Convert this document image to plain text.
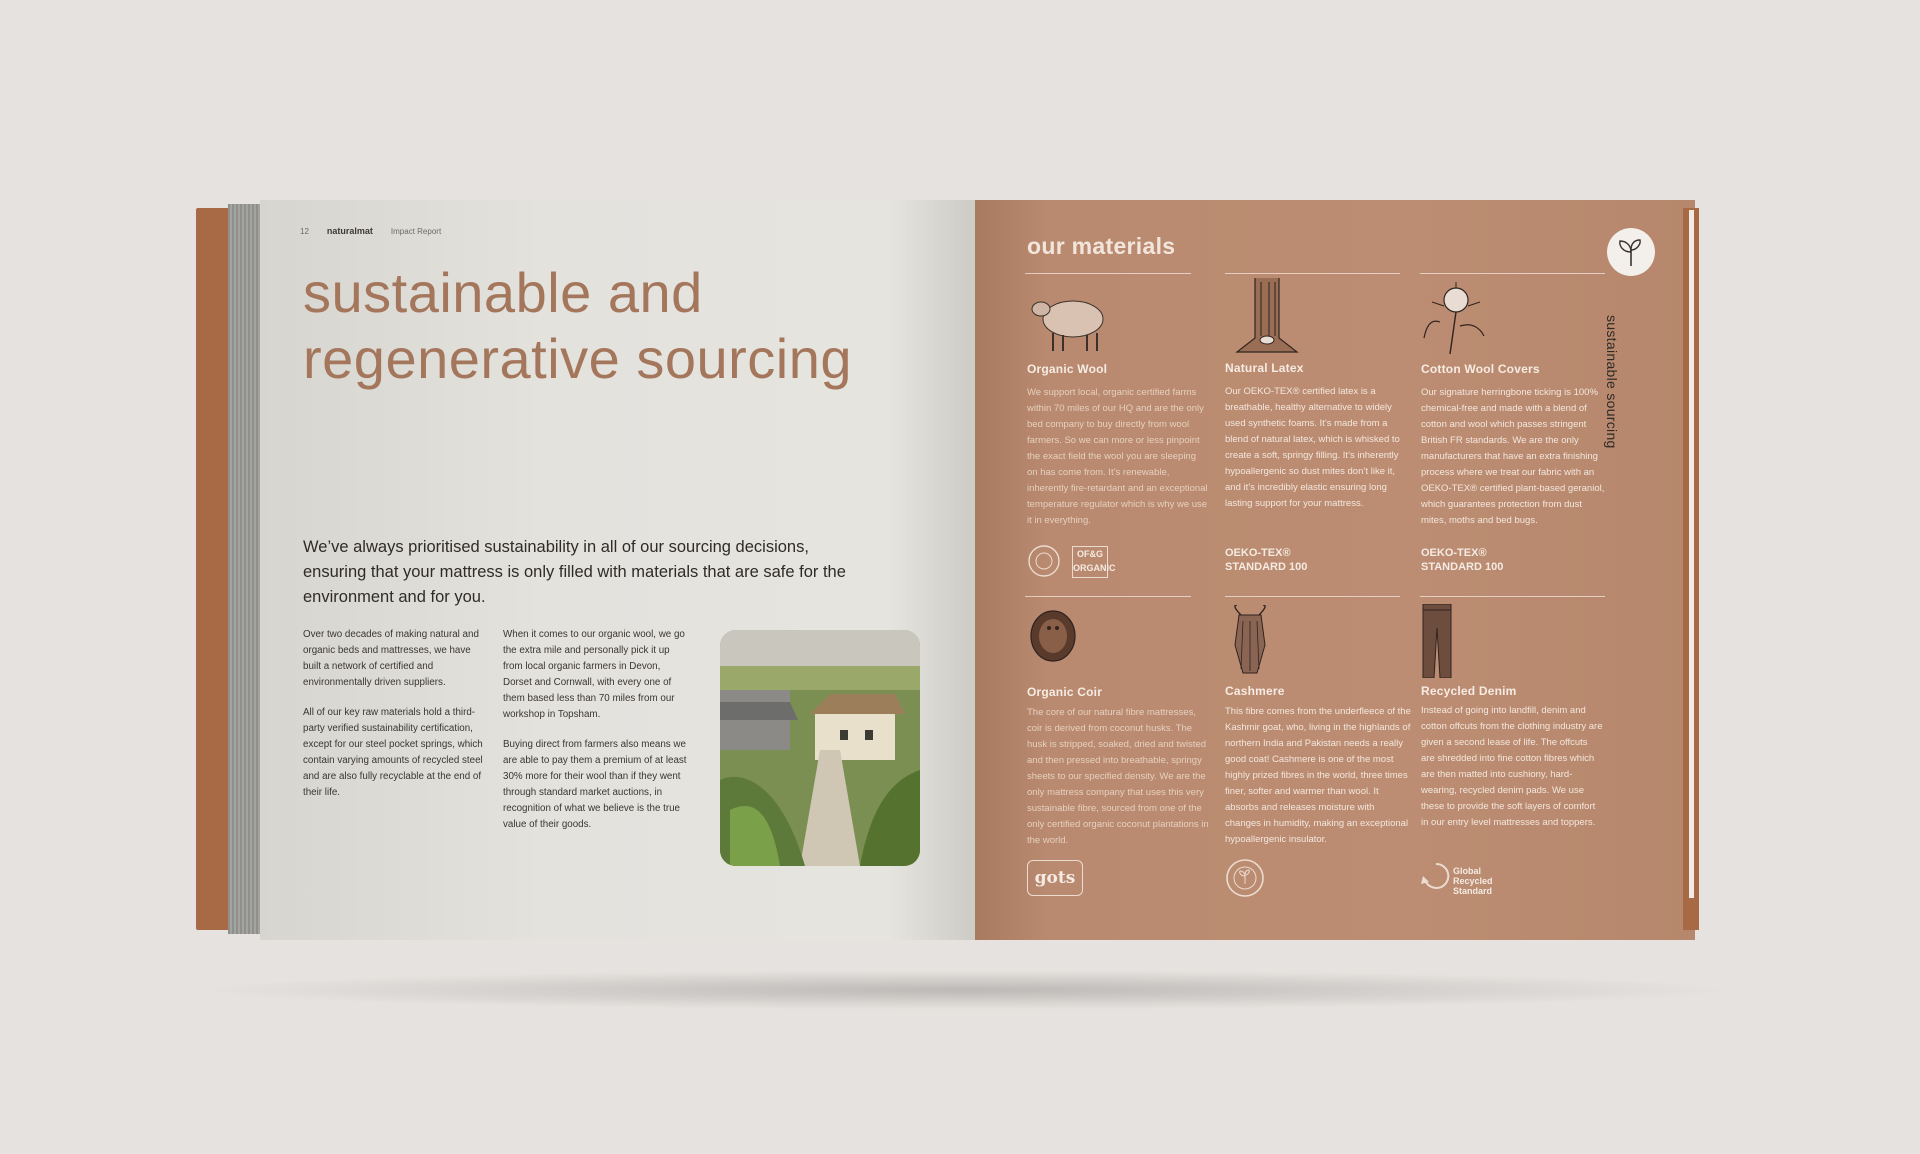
12 naturalmat Impact Report
sustainable and
regenerative sourcing
We’ve always prioritised sustainability in all of our sourcing decisions, ensuring that your mattress is only filled with materials that are safe for the environment and for you.

Over two decades of making natural and organic beds and mattresses, we have built a network of certified and environmentally driven suppliers.

All of our key raw materials hold a third-party verified sustainability certification, except for our steel pocket springs, which contain varying amounts of recycled steel and are also fully recyclable at the end of their life.

When it comes to our organic wool, we go the extra mile and personally pick it up from local organic farmers in Devon, Dorset and Cornwall, with every one of them based less than 70 miles from our workshop in Topsham.

Buying direct from farmers also means we are able to pay them a premium of at least 30% more for their wool than if they went through standard market auctions, in recognition of what we believe is the true value of their goods.

our materials
sustainable sourcing
Organic Wool	Natural Latex	Cotton Wool Covers
We support local, organic certified farms within 70 miles of our HQ and are the only bed company to buy directly from wool farmers. So we can more or less pinpoint the exact field the wool you are sleeping on has come from. It’s renewable, inherently fire-retardant and an exceptional temperature regulator which is why we use it in everything.
Our OEKO-TEX® certified latex is a breathable, healthy alternative to widely used synthetic foams. It’s made from a blend of natural latex, which is whisked to create a soft, springy filling. It’s inherently hypoallergenic so dust mites don’t like it, and it’s incredibly elastic ensuring long lasting support for your mattress.
Our signature herringbone ticking is 100% chemical-free and made with a blend of cotton and wool which passes stringent British FR standards. We are the only manufacturers that have an extra finishing process where we treat our fabric with an OEKO-TEX® certified plant-based geraniol, which guarantees protection from dust mites, moths and bed bugs.
OF&G ORGANIC
OEKO-TEX® STANDARD 100
OEKO-TEX® STANDARD 100
Organic Coir	Cashmere	Recycled Denim
The core of our natural fibre mattresses, coir is derived from coconut husks. The husk is stripped, soaked, dried and twisted and then pressed into breathable, springy sheets to our specified density. We are the only mattress company that uses this very sustainable fibre, sourced from one of the only certified organic coconut plantations in the world.
This fibre comes from the underfleece of the Kashmir goat, who, living in the highlands of northern India and Pakistan needs a really good coat! Cashmere is one of the most highly prized fibres in the world, three times finer, softer and warmer than wool. It absorbs and releases moisture with changes in humidity, making an exceptional hypoallergenic insulator.
Instead of going into landfill, denim and cotton offcuts from the clothing industry are given a second lease of life. The offcuts are shredded into fine cotton fibres which are then matted into cushiony, hard-wearing, recycled denim pads. We use these to provide the soft layers of comfort in our entry level mattresses and toppers.
gots	Global Recycled Standard
